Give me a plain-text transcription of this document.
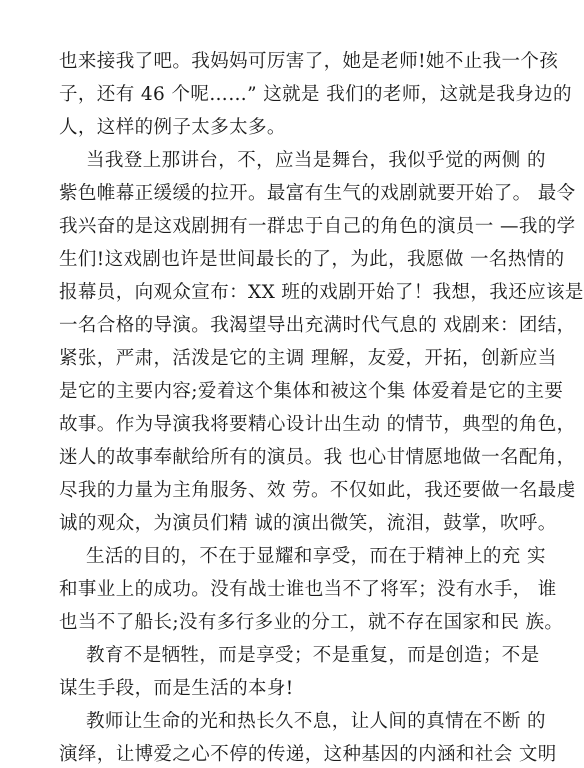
也来接我了吧。我妈妈可厉害了，她是老师!她不止我一个孩
子，还有 46 个呢……” 这就是 我们的老师，这就是我身边的
人，这样的例子太多太多。
当我登上那讲台，不，应当是舞台，我似乎觉的两侧 的
紫色帷幕正缓缓的拉开。最富有生气的戏剧就要开始了。 最令
我兴奋的是这戏剧拥有一群忠于自己的角色的演员一 —我的学
生们!这戏剧也许是世间最长的了，为此，我愿做 一名热情的
报幕员，向观众宣布：XX 班的戏剧开始了！我想，我还应该是
一名合格的导演。我渴望导出充满时代气息的 戏剧来：团结，
紧张，严肃，活泼是它的主调 理解，友爱，开拓，创新应当
是它的主要内容;爱着这个集体和被这个集 体爱着是它的主要
故事。作为导演我将要精心设计出生动 的情节，典型的角色，
迷人的故事奉献给所有的演员。我 也心甘情愿地做一名配角，
尽我的力量为主角服务、效 劳。不仅如此，我还要做一名最虔
诚的观众，为演员们精 诚的演出微笑，流泪，鼓掌，吹呼。
生活的目的，不在于显耀和享受，而在于精神上的充 实
和事业上的成功。没有战士谁也当不了将军；没有水手， 谁
也当不了船长;没有多行多业的分工，就不存在国家和民 族。
教育不是牺牲，而是享受；不是重复，而是创造；不是
谋生手段，而是生活的本身!
教师让生命的光和热长久不息，让人间的真情在不断 的
演绎，让博爱之心不停的传递，这种基因的内涵和社会 文明
